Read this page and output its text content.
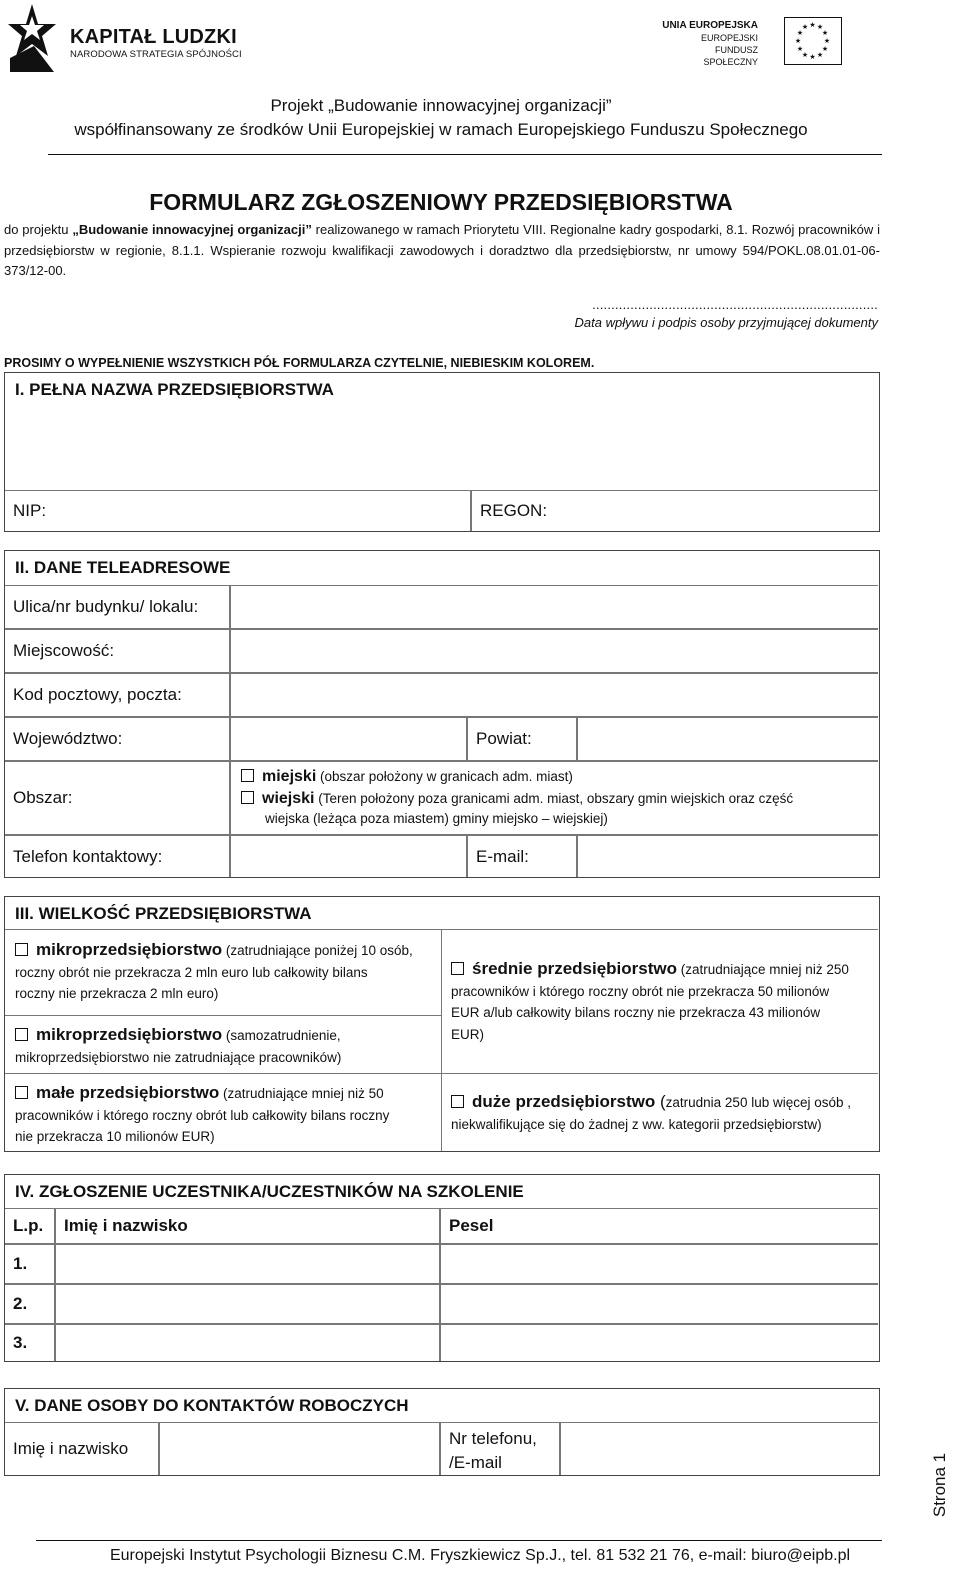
KAPITAŁ LUDZKI
NARODOWA STRATEGIA SPÓJNOŚCI
UNIA EUROPEJSKA
EUROPEJSKI
FUNDUSZ SPOŁECZNY
★ ★
★
★
★
★
★
★
★
★
★
★
Projekt „Budowanie innowacyjnej organizacji”
współfinansowany ze środków Unii Europejskiej w ramach Europejskiego Funduszu Społecznego
FORMULARZ ZGŁOSZENIOWY PRZEDSIĘBIORSTWA
do projektu „Budowanie innowacyjnej organizacji” realizowanego w ramach Priorytetu VIII. Regionalne kadry gospodarki, 8.1. Rozwój pracowników i przedsiębiorstw w regionie, 8.1.1. Wspieranie rozwoju kwalifikacji zawodowych i doradztwo dla przedsiębiorstw, nr umowy 594/POKL.08.01.01-06-373/12-00.
...........................................................................
Data wpływu i podpis osoby przyjmującej dokumenty
PROSIMY O WYPEŁNIENIE WSZYSTKICH PÓŁ FORMULARZA CZYTELNIE, NIEBIESKIM KOLOREM.
I. PEŁNA NAZWA PRZEDSIĘBIORSTWA
NIP:	REGON:
II. DANE TELEADRESOWE
Ulica/nr budynku/ lokalu:
Miejscowość:
Kod pocztowy, poczta:
Województwo:	Powiat:
Obszar:
miejski (obszar położony w granicach adm. miast)
wiejski (Teren położony poza granicami adm. miast, obszary gmin wiejskich oraz część
wiejska (leżąca poza miastem) gminy miejsko – wiejskiej)
Telefon kontaktowy:	E-mail:
III. WIELKOŚĆ PRZEDSIĘBIORSTWA
mikroprzedsiębiorstwo (zatrudniające poniżej 10 osób,
roczny obrót nie przekracza 2 mln euro lub całkowity bilans
roczny nie przekracza 2 mln euro)
mikroprzedsiębiorstwo (samozatrudnienie,
mikroprzedsiębiorstwo nie zatrudniające pracowników)
małe przedsiębiorstwo (zatrudniające mniej niż 50
pracowników i którego roczny obrót lub całkowity bilans roczny
nie przekracza 10 milionów EUR)
średnie przedsiębiorstwo (zatrudniające mniej niż 250
pracowników i którego roczny obrót nie przekracza 50 milionów
EUR a/lub całkowity bilans roczny nie przekracza 43 milionów
EUR)
duże przedsiębiorstwo (zatrudnia 250 lub więcej osób ,
niekwalifikujące się do żadnej z ww. kategorii przedsiębiorstw)
IV. ZGŁOSZENIE UCZESTNIKA/UCZESTNIKÓW NA SZKOLENIE
L.p. Imię i nazwisko	Pesel
1.
2.
3.
V. DANE OSOBY DO KONTAKTÓW ROBOCZYCH
Imię i nazwisko
Nr telefonu,
/E-mail	Strona 1
Europejski Instytut Psychologii Biznesu C.M. Fryszkiewicz Sp.J., tel. 81 532 21 76, e-mail: biuro@eipb.pl
